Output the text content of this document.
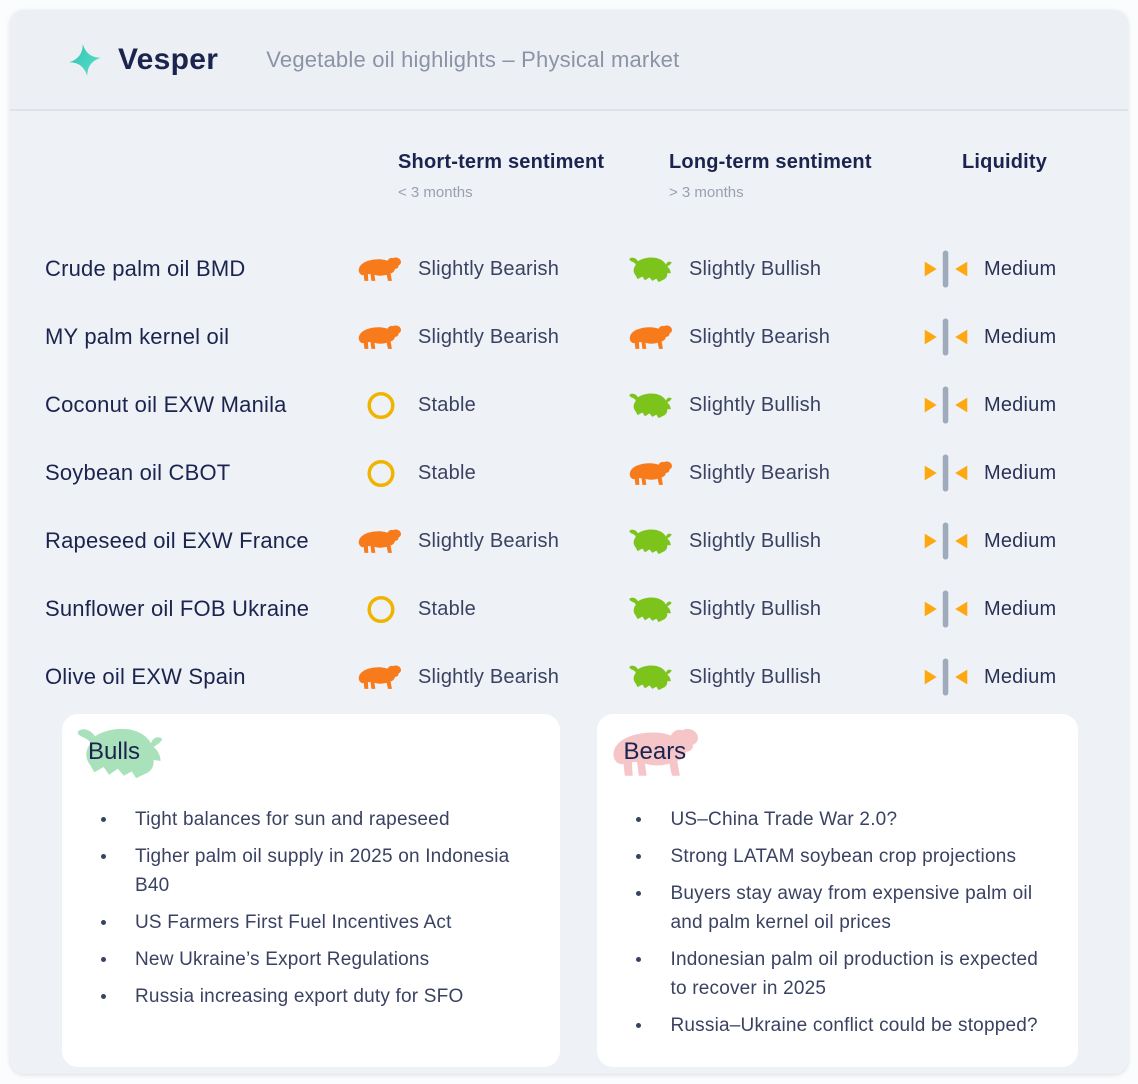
Vesper Vegetable oil highlights – Physical market
Short-term sentiment
< 3 months
Long-term sentiment
> 3 months
Liquidity
Crude palm oil BMD	Slightly Bearish	Slightly Bullish	Medium
MY palm kernel oil	Slightly Bearish	Slightly Bearish	Medium
Coconut oil EXW Manila	Stable	Slightly Bullish	Medium
Soybean oil CBOT	Stable	Slightly Bearish	Medium
Rapeseed oil EXW France	Slightly Bearish	Slightly Bullish	Medium
Sunflower oil FOB Ukraine	Stable	Slightly Bullish	Medium
Olive oil EXW Spain	Slightly Bearish	Slightly Bullish	Medium
Bulls
Tight balances for sun and rapeseed
Tigher palm oil supply in 2025 on Indonesia B40
US Farmers First Fuel Incentives Act
New Ukraine’s Export Regulations
Russia increasing export duty for SFO
Bears
US–China Trade War 2.0?
Strong LATAM soybean crop projections
Buyers stay away from expensive palm oil and palm kernel oil prices
Indonesian palm oil production is expected to recover in 2025
Russia–Ukraine conflict could be stopped?
